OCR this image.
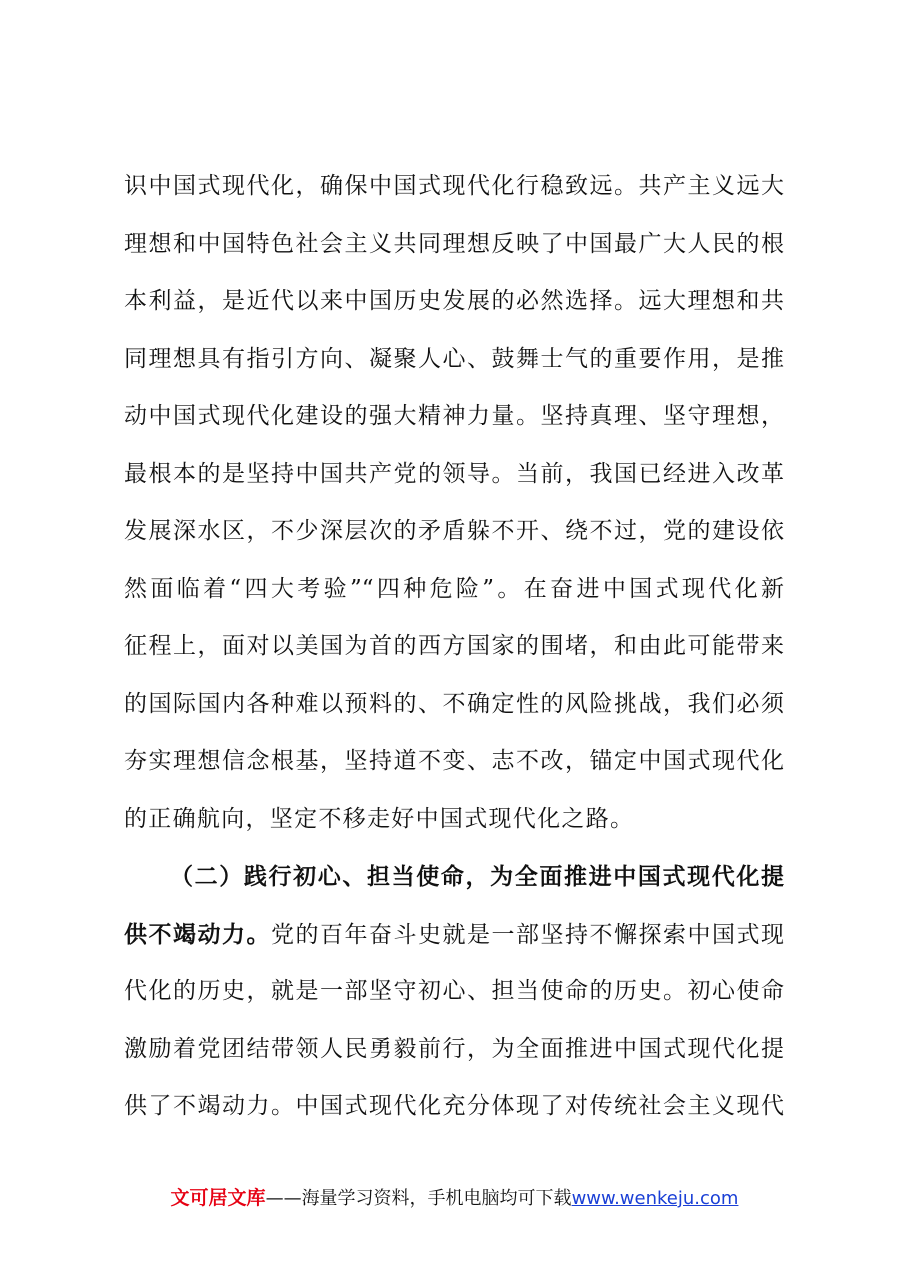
识中国式现代化，确保中国式现代化行稳致远。共产主义远大
理想和中国特色社会主义共同理想反映了中国最广大人民的根
本利益，是近代以来中国历史发展的必然选择。远大理想和共
同理想具有指引方向、凝聚人心、鼓舞士气的重要作用，是推
动中国式现代化建设的强大精神力量。坚持真理、坚守理想，
最根本的是坚持中国共产党的领导。当前，我国已经进入改革
发展深水区，不少深层次的矛盾躲不开、绕不过，党的建设依
然面临着“四大考验”“四种危险”。在奋进中国式现代化新
征程上，面对以美国为首的西方国家的围堵，和由此可能带来
的国际国内各种难以预料的、不确定性的风险挑战，我们必须
夯实理想信念根基，坚持道不变、志不改，锚定中国式现代化
的正确航向，坚定不移走好中国式现代化之路。
（二）践行初心、担当使命，为全面推进中国式现代化提
供不竭动力。党的百年奋斗史就是一部坚持不懈探索中国式现
代化的历史，就是一部坚守初心、担当使命的历史。初心使命
激励着党团结带领人民勇毅前行，为全面推进中国式现代化提
供了不竭动力。中国式现代化充分体现了对传统社会主义现代
文可居文库——海量学习资料，手机电脑均可下载www.wenkeju.com
